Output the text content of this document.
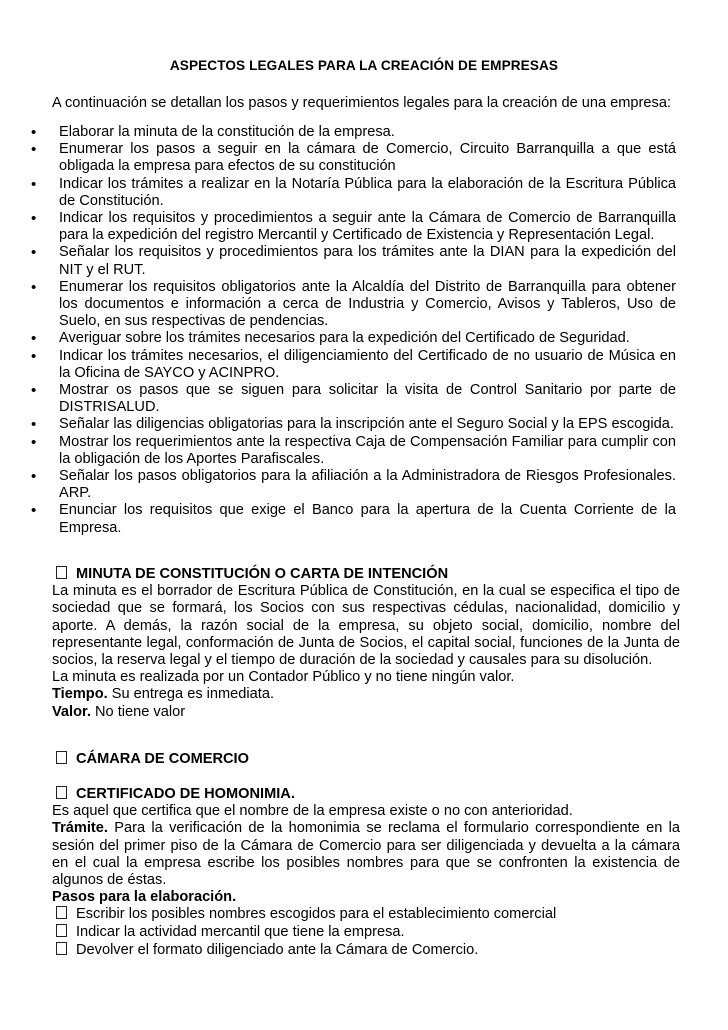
ASPECTOS LEGALES PARA LA CREACIÓN DE EMPRESAS
A continuación se detallan los pasos y requerimientos legales para la creación de una empresa:
• Elaborar la minuta de la constitución de la empresa.
• Enumerar los pasos a seguir en la cámara de Comercio, Circuito Barranquilla a que está obligada la empresa para efectos de su constitución
• Indicar los trámites a realizar en la Notaría Pública para la elaboración de la Escritura Pública de Constitución.
• Indicar los requisitos y procedimientos a seguir ante la Cámara de Comercio de Barranquilla para la expedición del registro Mercantil y Certificado de Existencia y Representación Legal.
• Señalar los requisitos y procedimientos para los trámites ante la DIAN para la expedición del NIT y el RUT.
• Enumerar los requisitos obligatorios ante la Alcaldía del Distrito de Barranquilla para obtener los documentos e información a cerca de Industria y Comercio, Avisos y Tableros, Uso de Suelo, en sus respectivas de pendencias.
• Averiguar sobre los trámites necesarios para la expedición del Certificado de Seguridad.
• Indicar los trámites necesarios, el diligenciamiento del Certificado de no usuario de Música en la Oficina de SAYCO y ACINPRO.
• Mostrar os pasos que se siguen para solicitar la visita de Control Sanitario por parte de DISTRISALUD.
• Señalar las diligencias obligatorias para la inscripción ante el Seguro Social y la EPS escogida.
• Mostrar los requerimientos ante la respectiva Caja de Compensación Familiar para cumplir con la obligación de los Aportes Parafiscales.
• Señalar los pasos obligatorios para la afiliación a la Administradora de Riesgos Profesionales. ARP.
• Enunciar los requisitos que exige el Banco para la apertura de la Cuenta Corriente de la Empresa.
MINUTA DE CONSTITUCIÓN O CARTA DE INTENCIÓN

La minuta es el borrador de Escritura Pública de Constitución, en la cual se especifica el tipo de sociedad que se formará, los Socios con sus respectivas cédulas, nacionalidad, domicilio y aporte. A demás, la razón social de la empresa, su objeto social, domicilio, nombre del representante legal, conformación de Junta de Socios, el capital social, funciones de la Junta de socios, la reserva legal y el tiempo de duración de la sociedad y causales para su disolución.

La minuta es realizada por un Contador Público y no tiene ningún valor.

Tiempo. Su entrega es inmediata.

Valor. No tiene valor

CÁMARA DE COMERCIO
CERTIFICADO DE HOMONIMIA.

Es aquel que certifica que el nombre de la empresa existe o no con anterioridad.

Trámite. Para la verificación de la homonimia se reclama el formulario correspondiente en la sesión del primer piso de la Cámara de Comercio para ser diligenciada y devuelta a la cámara en el cual la empresa escribe los posibles nombres para que se confronten la existencia de algunos de éstas.

Pasos para la elaboración.

Escribir los posibles nombres escogidos para el establecimiento comercial
Indicar la actividad mercantil que tiene la empresa.
Devolver el formato diligenciado ante la Cámara de Comercio.
